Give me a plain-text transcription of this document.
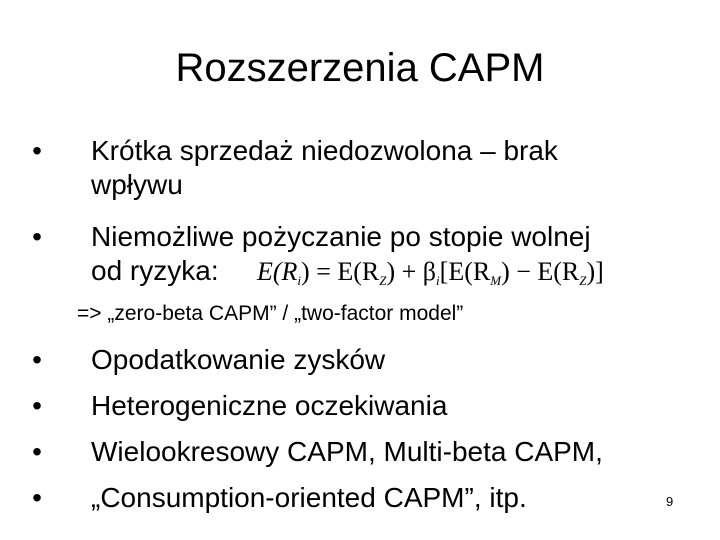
Rozszerzenia CAPM
• Krótka sprzedaż niedozwolona – brak
wpływu
• Niemożliwe pożyczanie po stopie wolnej
od ryzyka:	$E(R_i) = E(R_Z) + \beta_i[E(R_M) - E(R_Z)]$
=> „zero-beta CAPM” / „two-factor model”
• Opodatkowanie zysków
• Heterogeniczne oczekiwania
• Wielookresowy CAPM, Multi-beta CAPM,
• „Consumption-oriented CAPM”, itp.	9
